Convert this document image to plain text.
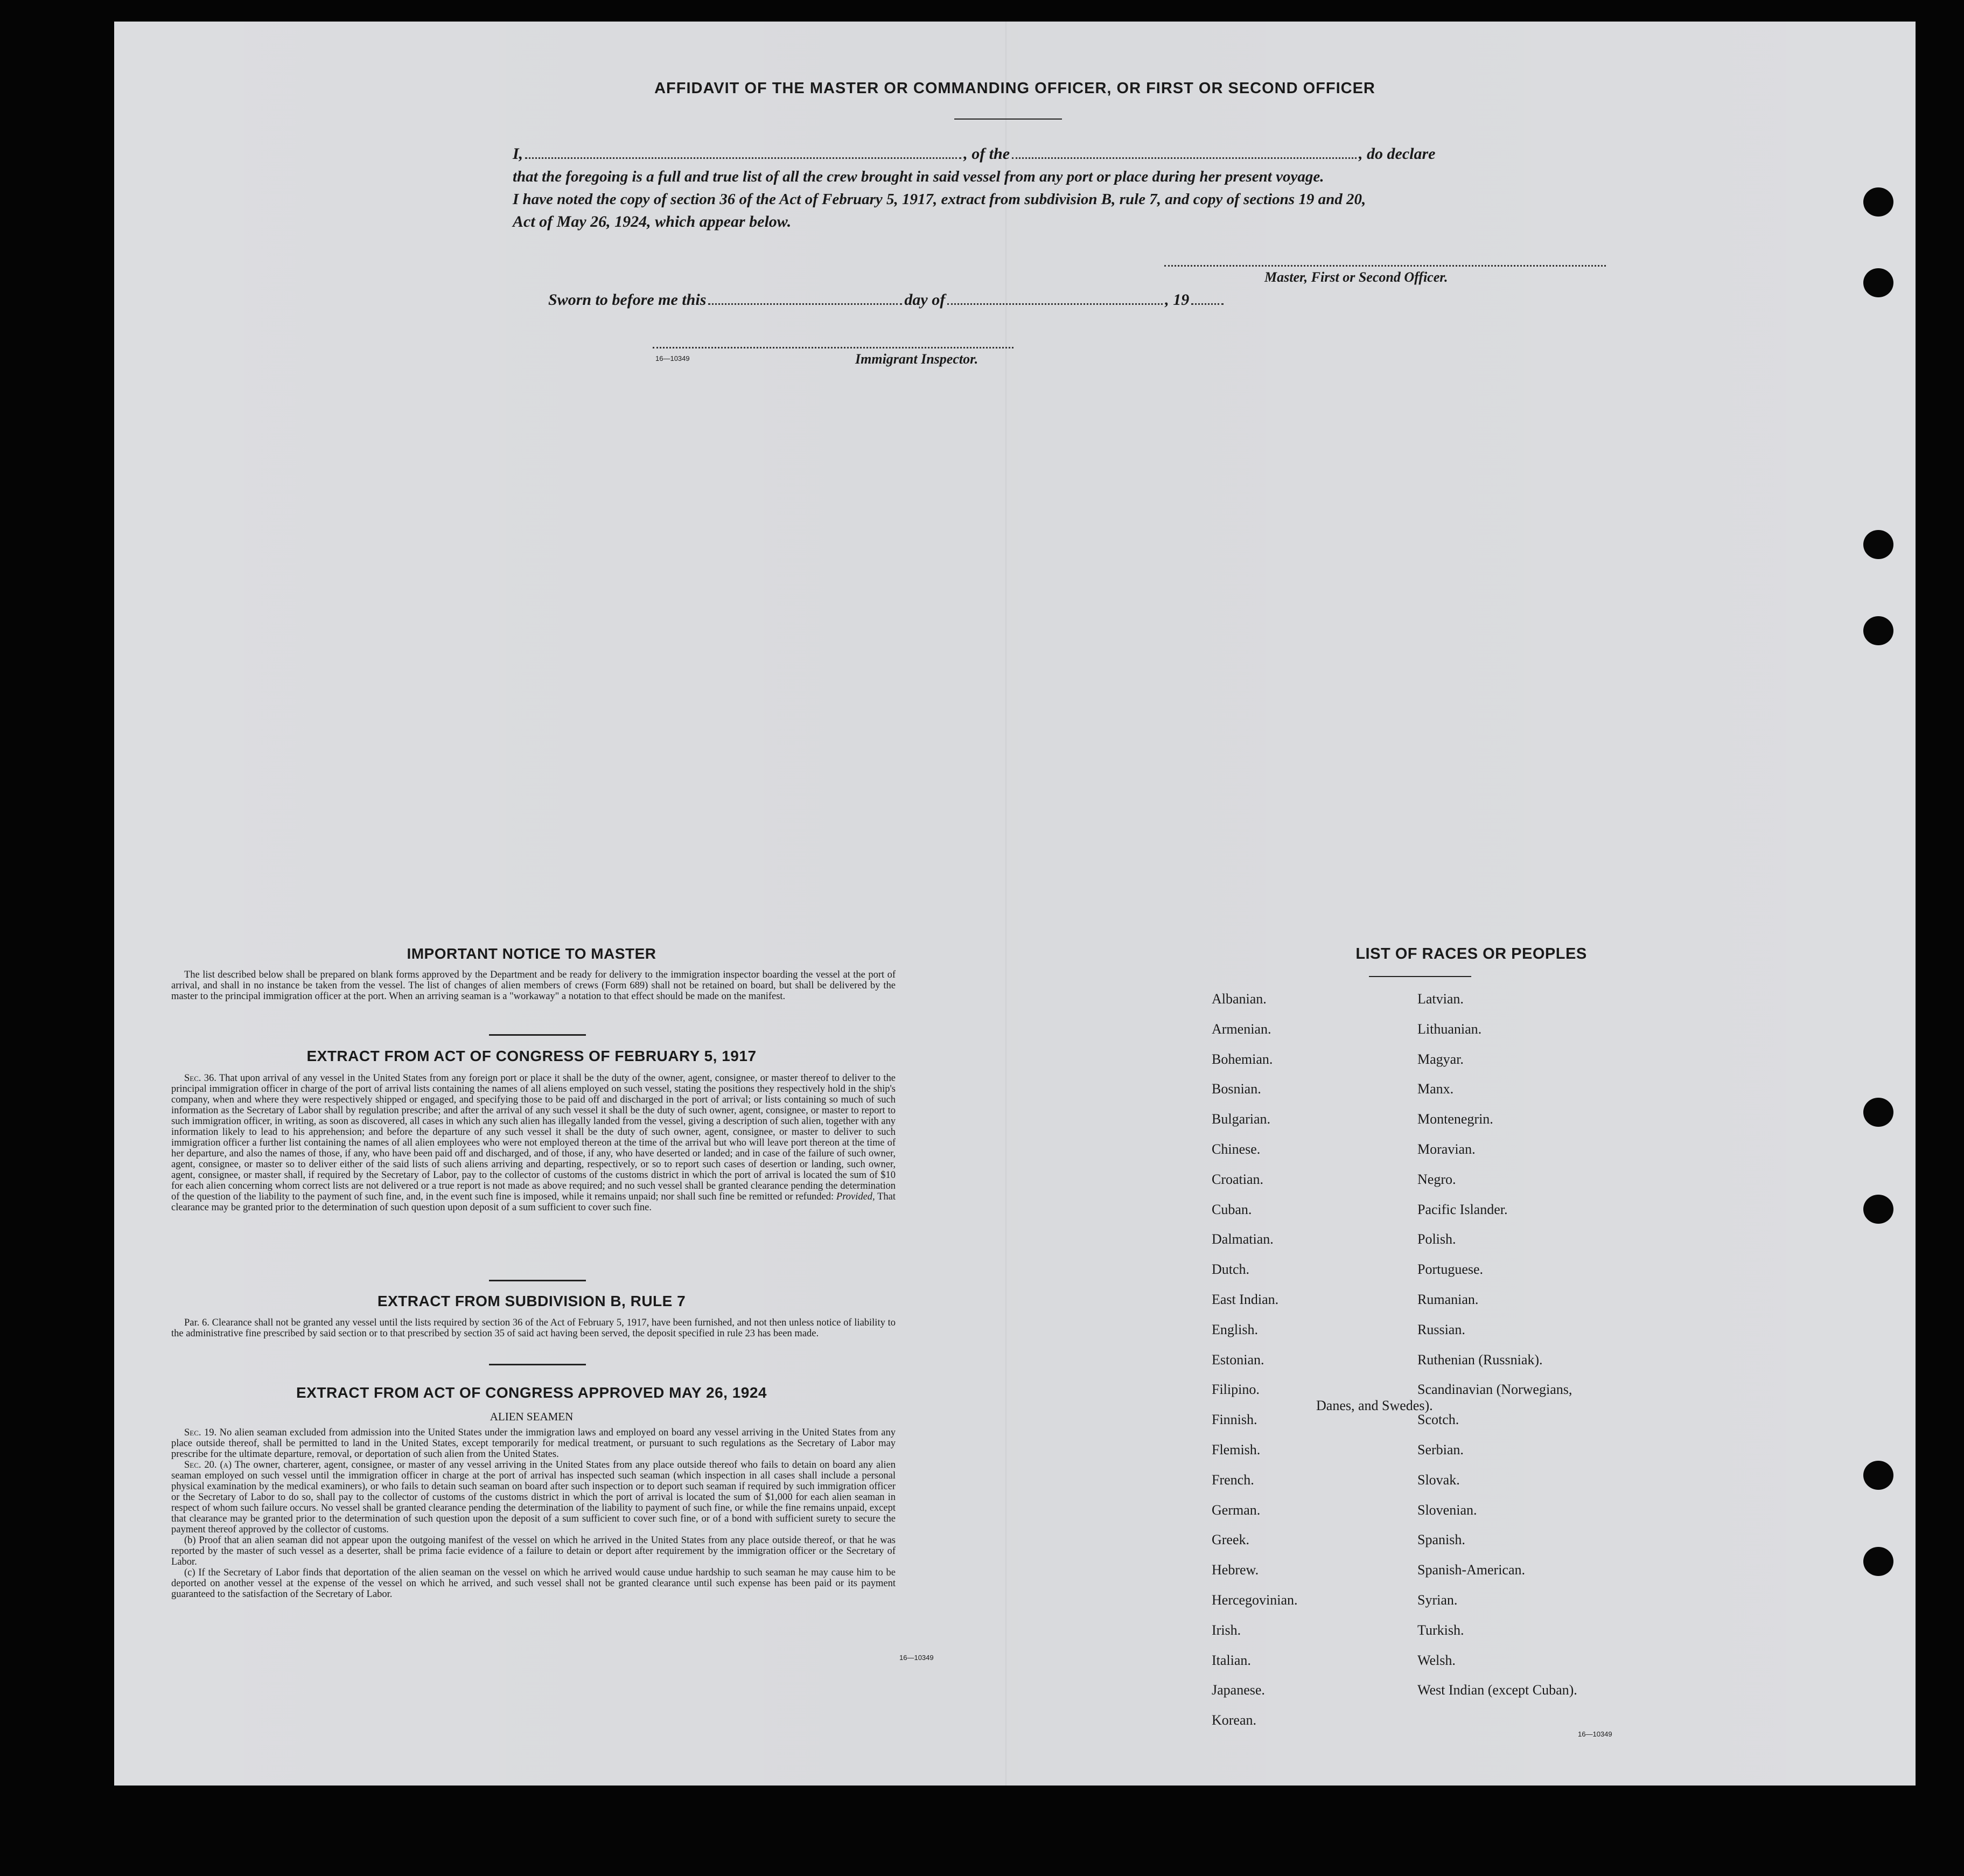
AFFIDAVIT OF THE MASTER OR COMMANDING OFFICER, OR FIRST OR SECOND OFFICER

I,	, of the	, do declare

that the foregoing is a full and true list of all the crew brought in said vessel from any port or place during her present voyage.

I have noted the copy of section 36 of the Act of February 5, 1917, extract from subdivision B, rule 7, and copy of sections 19 and 20,

Act of May 26, 1924, which appear below.

Master, First or Second Officer.
Sworn to before me this	day of	, 19
16—10349	Immigrant Inspector.
IMPORTANT NOTICE TO MASTER

The list described below shall be prepared on blank forms approved by the Department and be ready for delivery to the immigration inspector boarding the vessel at the port of arrival, and shall in no instance be taken from the vessel. The list of changes of alien members of crews (Form 689) shall not be retained on board, but shall be delivered by the master to the principal immigration officer at the port. When an arriving seaman is a "workaway" a notation to that effect should be made on the manifest.

EXTRACT FROM ACT OF CONGRESS OF FEBRUARY 5, 1917

Sec. 36. That upon arrival of any vessel in the United States from any foreign port or place it shall be the duty of the owner, agent, consignee, or master thereof to deliver to the principal immigration officer in charge of the port of arrival lists containing the names of all aliens employed on such vessel, stating the positions they respectively hold in the ship's company, when and where they were respectively shipped or engaged, and specifying those to be paid off and discharged in the port of arrival; or lists containing so much of such information as the Secretary of Labor shall by regulation prescribe; and after the arrival of any such vessel it shall be the duty of such owner, agent, consignee, or master to report to such immigration officer, in writing, as soon as discovered, all cases in which any such alien has illegally landed from the vessel, giving a description of such alien, together with any information likely to lead to his apprehension; and before the departure of any such vessel it shall be the duty of such owner, agent, consignee, or master to deliver to such immigration officer a further list containing the names of all alien employees who were not employed thereon at the time of the arrival but who will leave port thereon at the time of her departure, and also the names of those, if any, who have been paid off and discharged, and of those, if any, who have deserted or landed; and in case of the failure of such owner, agent, consignee, or master so to deliver either of the said lists of such aliens arriving and departing, respectively, or so to report such cases of desertion or landing, such owner, agent, consignee, or master shall, if required by the Secretary of Labor, pay to the collector of customs of the customs district in which the port of arrival is located the sum of $10 for each alien concerning whom correct lists are not delivered or a true report is not made as above required; and no such vessel shall be granted clearance pending the determination of the question of the liability to the payment of such fine, and, in the event such fine is imposed, while it remains unpaid; nor shall such fine be remitted or refunded: Provided, That clearance may be granted prior to the determination of such question upon deposit of a sum sufficient to cover such fine.

EXTRACT FROM SUBDIVISION B, RULE 7

Par. 6. Clearance shall not be granted any vessel until the lists required by section 36 of the Act of February 5, 1917, have been furnished, and not then unless notice of liability to the administrative fine prescribed by said section or to that prescribed by section 35 of said act having been served, the deposit specified in rule 23 has been made.

EXTRACT FROM ACT OF CONGRESS APPROVED MAY 26, 1924
ALIEN SEAMEN

Sec. 19. No alien seaman excluded from admission into the United States under the immigration laws and employed on board any vessel arriving in the United States from any place outside thereof, shall be permitted to land in the United States, except temporarily for medical treatment, or pursuant to such regulations as the Secretary of Labor may prescribe for the ultimate departure, removal, or deportation of such alien from the United States.

Sec. 20. (a) The owner, charterer, agent, consignee, or master of any vessel arriving in the United States from any place outside thereof who fails to detain on board any alien seaman employed on such vessel until the immigration officer in charge at the port of arrival has inspected such seaman (which inspection in all cases shall include a personal physical examination by the medical examiners), or who fails to detain such seaman on board after such inspection or to deport such seaman if required by such immigration officer or the Secretary of Labor to do so, shall pay to the collector of customs of the customs district in which the port of arrival is located the sum of $1,000 for each alien seaman in respect of whom such failure occurs. No vessel shall be granted clearance pending the determination of the liability to payment of such fine, or while the fine remains unpaid, except that clearance may be granted prior to the determination of such question upon the deposit of a sum sufficient to cover such fine, or of a bond with sufficient surety to secure the payment thereof approved by the collector of customs.

(b) Proof that an alien seaman did not appear upon the outgoing manifest of the vessel on which he arrived in the United States from any place outside thereof, or that he was reported by the master of such vessel as a deserter, shall be prima facie evidence of a failure to detain or deport after requirement by the immigration officer or the Secretary of Labor.

(c) If the Secretary of Labor finds that deportation of the alien seaman on the vessel on which he arrived would cause undue hardship to such seaman he may cause him to be deported on another vessel at the expense of the vessel on which he arrived, and such vessel shall not be granted clearance until such expense has been paid or its payment guaranteed to the satisfaction of the Secretary of Labor.

16—10349
LIST OF RACES OR PEOPLES
Albanian.
Armenian.
Bohemian.
Bosnian.
Bulgarian.
Chinese.
Croatian.
Cuban.
Dalmatian.
Dutch.
East Indian.
English.
Estonian.
Filipino.
Finnish.
Flemish.
French.
German.
Greek.
Hebrew.
Hercegovinian.
Irish.
Italian.
Japanese.
Korean.
Latvian.
Lithuanian.
Magyar.
Manx.
Montenegrin.
Moravian.
Negro.
Pacific Islander.
Polish.
Portuguese.
Rumanian.
Russian.
Ruthenian (Russniak).
Scandinavian (Norwegians,
Danes, and Swedes).
Scotch.
Serbian.
Slovak.
Slovenian.
Spanish.
Spanish-American.
Syrian.
Turkish.
Welsh.
West Indian (except Cuban).
16—10349
